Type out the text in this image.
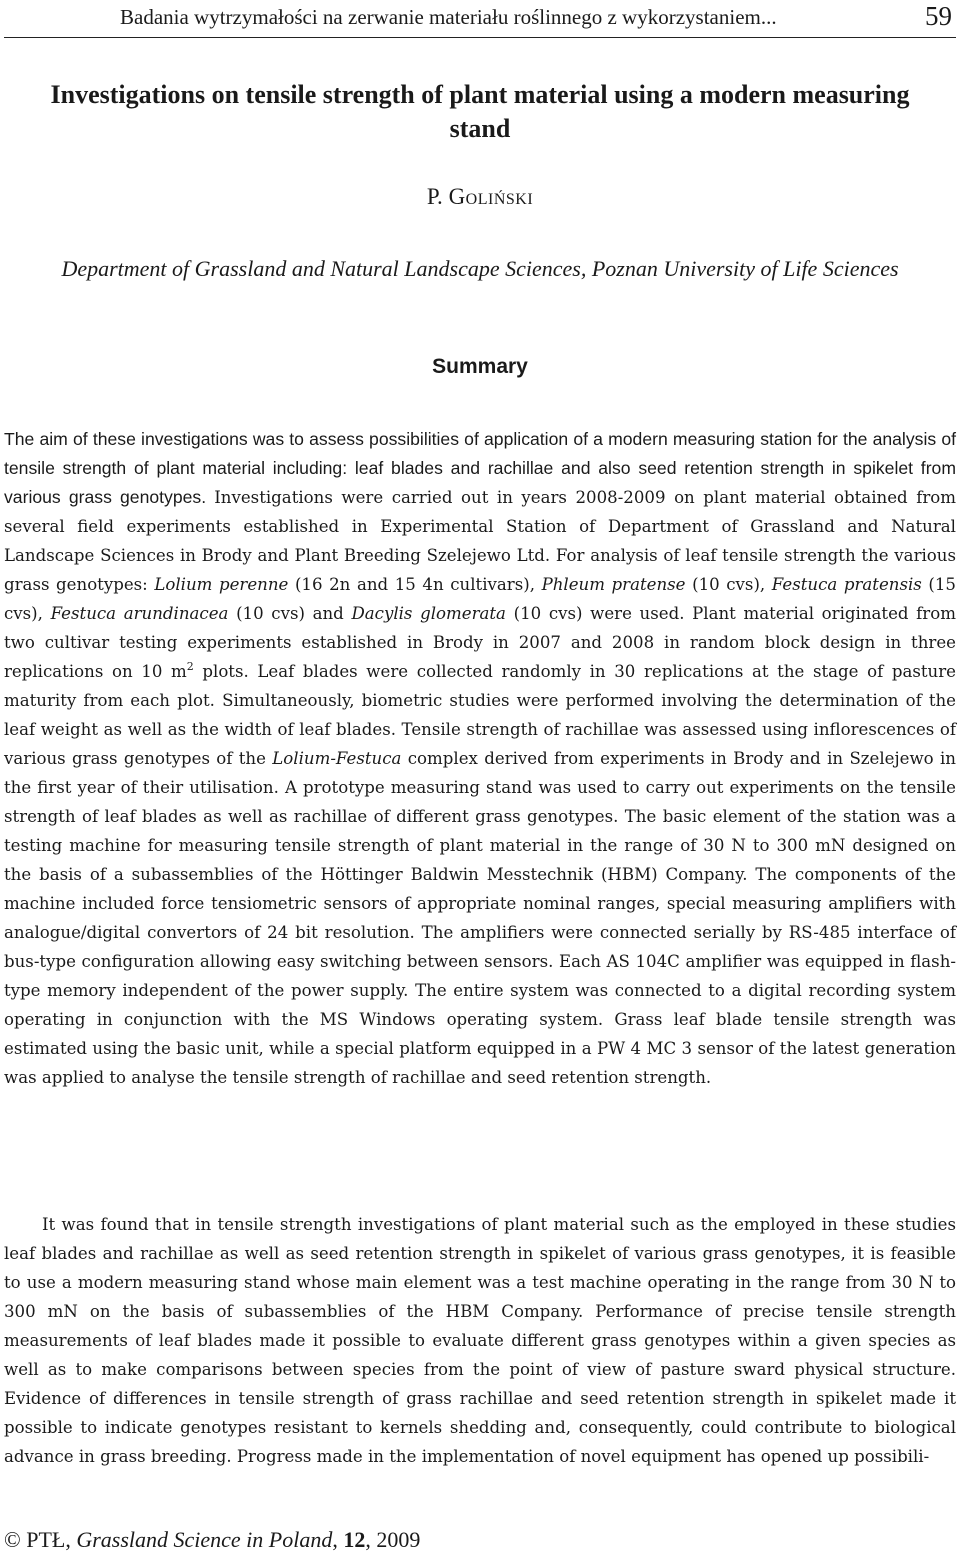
Badania wytrzymałości na zerwanie materiału roślinnego z wykorzystaniem...	59
Investigations on tensile strength of plant material using a modern measuring stand
P. Goliński
Department of Grassland and Natural Landscape Sciences, Poznan University of Life Sciences
Summary

The aim of these investigations was to assess possibilities of application of a modern measuring station for the analysis of tensile strength of plant material including: leaf blades and rachillae and also seed retention strength in spikelet from various grass genotypes. Investigations were carried out in years 2008-2009 on plant material obtained from several field experiments established in Experimental Station of Department of Grassland and Natural Landscape Sciences in Brody and Plant Breeding Szelejewo Ltd. For analysis of leaf tensile strength the various grass genotypes: Lolium perenne (16 2n and 15 4n cultivars), Phleum pratense (10 cvs), Festuca pratensis (15 cvs), Festuca arundinacea (10 cvs) and Dacylis glomerata (10 cvs) were used. Plant material originated from two cultivar testing experiments established in Brody in 2007 and 2008 in random block design in three replications on 10 $m^2$ plots. Leaf blades were collected randomly in 30 replications at the stage of pasture maturity from each plot. Simultaneously, biometric studies were performed involving the determination of the leaf weight as well as the width of leaf blades. Tensile strength of rachillae was assessed using inflorescences of various grass genotypes of the Lolium-Festuca complex derived from experiments in Brody and in Szelejewo in the first year of their utilisation. A prototype measuring stand was used to carry out experiments on the tensile strength of leaf blades as well as rachillae of different grass genotypes. The basic element of the station was a testing machine for measuring tensile strength of plant material in the range of 30 N to 300 mN designed on the basis of a subassemblies of the Höttinger Baldwin Messtechnik (HBM) Company. The components of the machine included force tensiometric sensors of appropriate nominal ranges, special measuring amplifiers with analogue/digital convertors of 24 bit resolution. The amplifiers were connected serially by RS-485 interface of bus-type configuration allowing easy switching between sensors. Each AS 104C amplifier was equipped in flash-type memory independent of the power supply. The entire system was connected to a digital recording system operating in conjunction with the MS Windows operating system. Grass leaf blade tensile strength was estimated using the basic unit, while a special platform equipped in a PW 4 MC 3 sensor of the latest generation was applied to analyse the tensile strength of rachillae and seed retention strength.

It was found that in tensile strength investigations of plant material such as the employed in these studies leaf blades and rachillae as well as seed retention strength in spikelet of various grass genotypes, it is feasible to use a modern measuring stand whose main element was a test machine operating in the range from 30 N to 300 mN on the basis of subassemblies of the HBM Company. Performance of precise tensile strength measurements of leaf blades made it possible to evaluate different grass genotypes within a given species as well as to make comparisons between species from the point of view of pasture sward physical structure. Evidence of differences in tensile strength of grass rachillae and seed retention strength in spikelet made it possible to indicate genotypes resistant to kernels shedding and, consequently, could contribute to biological advance in grass breeding. Progress made in the implementation of novel equipment has opened up possibili-

© PTŁ, Grassland Science in Poland, 12, 2009
